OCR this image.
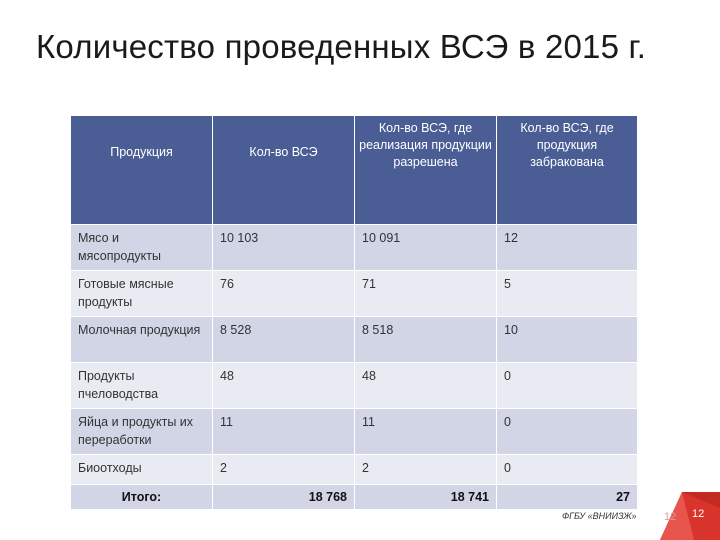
Количество проведенных ВСЭ в 2015 г.
Продукция	Кол-во ВСЭ	Кол-во ВСЭ, где реализация продукции разрешена	Кол-во ВСЭ, где продукция забракована
Мясо и мясопродукты	10 103	10 091	12
Готовые мясные продукты	76	71	5
Молочная продукция	8 528	8 518	10
Продукты пчеловодства	48	48	0
Яйца и продукты их переработки	11	11	0
Биоотходы	2	2	0
Итого:	18 768	18 741	27
ФГБУ «ВНИИЗЖ» 12 12
